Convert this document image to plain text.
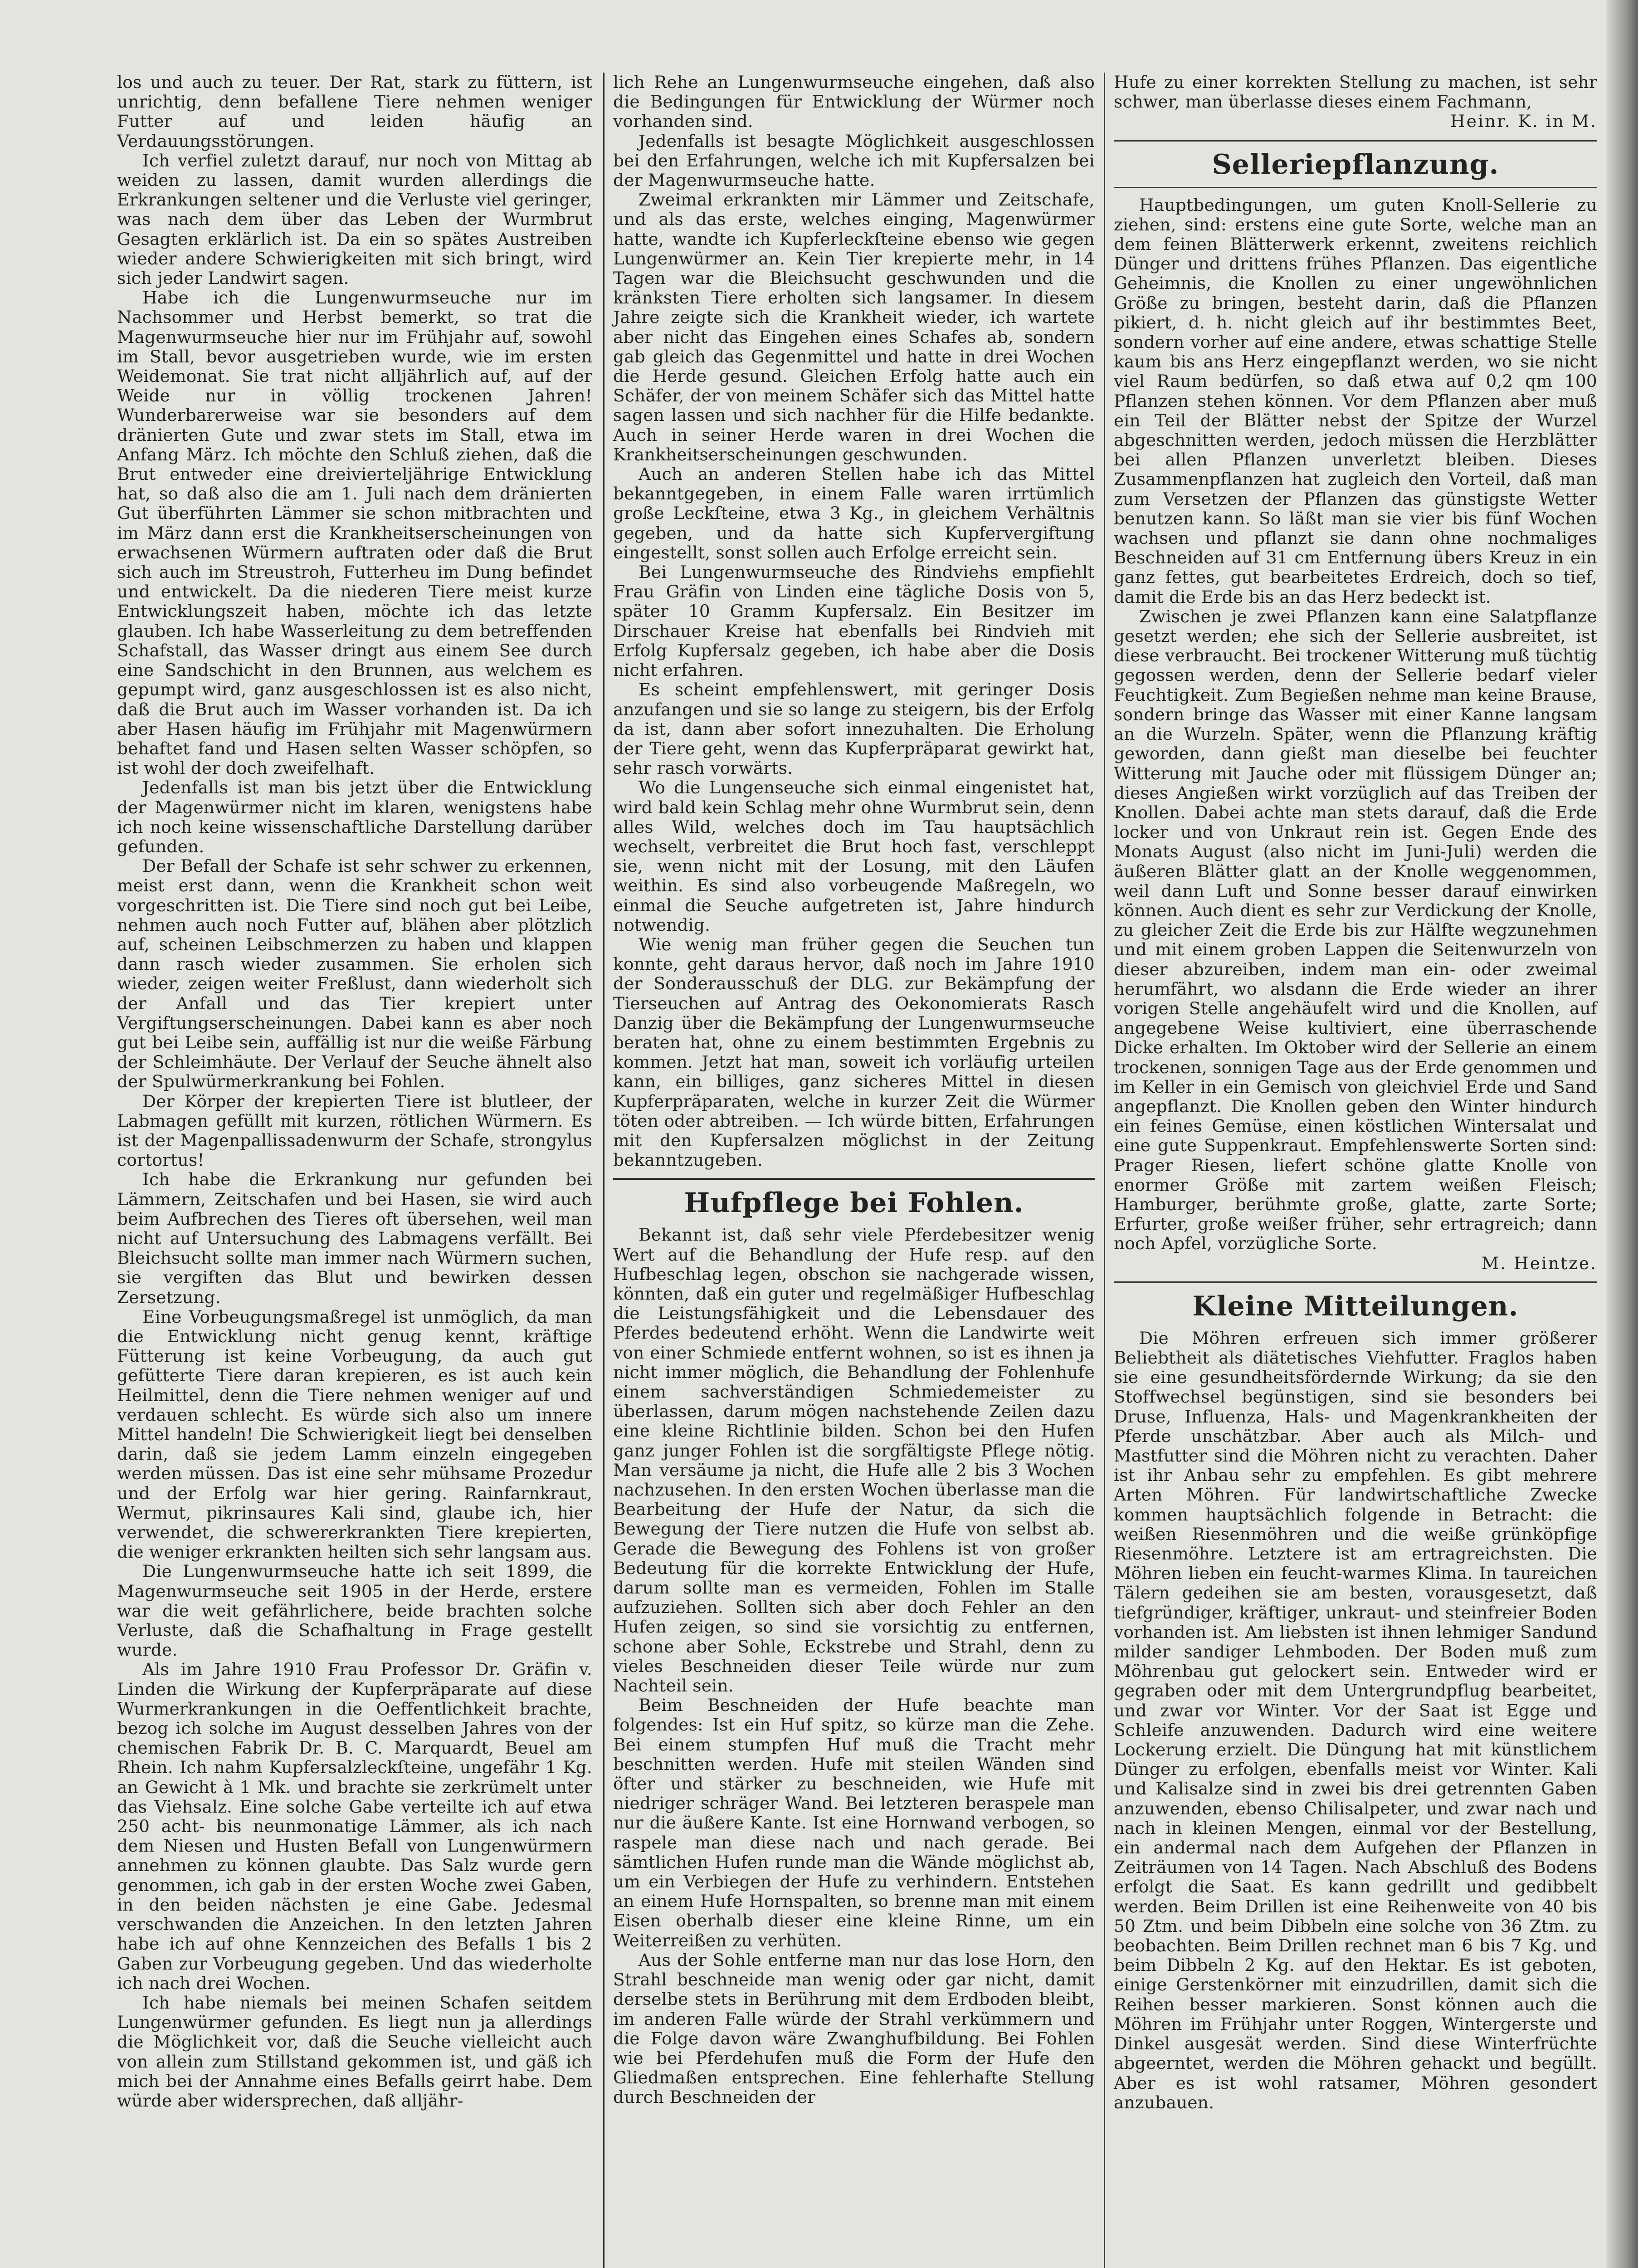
los und auch zu teuer. Der Rat, stark zu füttern, ist unrichtig, denn befallene Tiere nehmen weniger Futter auf und leiden häufig an Verdauungsstörungen.

Ich verfiel zuletzt darauf, nur noch von Mittag ab weiden zu lassen, damit wurden allerdings die Erkrankungen seltener und die Verluste viel geringer, was nach dem über das Leben der Wurmbrut Gesagten erklärlich ist. Da ein so spätes Austreiben wieder andere Schwierigkeiten mit sich bringt, wird sich jeder Landwirt sagen.

Habe ich die Lungenwurmseuche nur im Nachsommer und Herbst bemerkt, so trat die Magenwurmseuche hier nur im Frühjahr auf, sowohl im Stall, bevor ausgetrieben wurde, wie im ersten Weidemonat. Sie trat nicht alljährlich auf, auf der Weide nur in völlig trockenen Jahren! Wunderbarerweise war sie besonders auf dem dränierten Gute und zwar stets im Stall, etwa im Anfang März. Ich möchte den Schluß ziehen, daß die Brut entweder eine dreivierteljährige Entwicklung hat, so daß also die am 1. Juli nach dem dränierten Gut überführten Lämmer sie schon mitbrachten und im März dann erst die Krankheitserscheinungen von erwachsenen Würmern auftraten oder daß die Brut sich auch im Streustroh, Futterheu im Dung befindet und entwickelt. Da die niederen Tiere meist kurze Entwicklungszeit haben, möchte ich das letzte glauben. Ich habe Wasserleitung zu dem betreffenden Schafstall, das Wasser dringt aus einem See durch eine Sandschicht in den Brunnen, aus welchem es gepumpt wird, ganz ausgeschlossen ist es also nicht, daß die Brut auch im Wasser vorhanden ist. Da ich aber Hasen häufig im Frühjahr mit Magenwürmern behaftet fand und Hasen selten Wasser schöpfen, so ist wohl der doch zweifelhaft.

Jedenfalls ist man bis jetzt über die Entwicklung der Magenwürmer nicht im klaren, wenigstens habe ich noch keine wissenschaftliche Darstellung darüber gefunden.

Der Befall der Schafe ist sehr schwer zu erkennen, meist erst dann, wenn die Krankheit schon weit vorgeschritten ist. Die Tiere sind noch gut bei Leibe, nehmen auch noch Futter auf, blähen aber plötzlich auf, scheinen Leibschmerzen zu haben und klappen dann rasch wieder zusammen. Sie erholen sich wieder, zeigen weiter Freßlust, dann wiederholt sich der Anfall und das Tier krepiert unter Vergiftungserscheinungen. Dabei kann es aber noch gut bei Leibe sein, auffällig ist nur die weiße Färbung der Schleimhäute. Der Verlauf der Seuche ähnelt also der Spulwürmerkrankung bei Fohlen.

Der Körper der krepierten Tiere ist blutleer, der Labmagen gefüllt mit kurzen, rötlichen Würmern. Es ist der Magenpallissadenwurm der Schafe, strongylus cortortus!

Ich habe die Erkrankung nur gefunden bei Lämmern, Zeitschafen und bei Hasen, sie wird auch beim Aufbrechen des Tieres oft übersehen, weil man nicht auf Untersuchung des Labmagens verfällt. Bei Bleichsucht sollte man immer nach Würmern suchen, sie vergiften das Blut und bewirken dessen Zersetzung.

Eine Vorbeugungsmaßregel ist unmöglich, da man die Entwicklung nicht genug kennt, kräftige Fütterung ist keine Vorbeugung, da auch gut gefütterte Tiere daran krepieren, es ist auch kein Heilmittel, denn die Tiere nehmen weniger auf und verdauen schlecht. Es würde sich also um innere Mittel handeln! Die Schwierigkeit liegt bei denselben darin, daß sie jedem Lamm einzeln eingegeben werden müssen. Das ist eine sehr mühsame Prozedur und der Erfolg war hier gering. Rainfarnkraut, Wermut, pikrinsaures Kali sind, glaube ich, hier verwendet, die schwererkrankten Tiere krepierten, die weniger erkrankten heilten sich sehr langsam aus.

Die Lungenwurmseuche hatte ich seit 1899, die Magenwurmseuche seit 1905 in der Herde, erstere war die weit gefährlichere, beide brachten solche Verluste, daß die Schafhaltung in Frage gestellt wurde.

Als im Jahre 1910 Frau Professor Dr. Gräfin v. Linden die Wirkung der Kupferpräparate auf diese Wurmerkrankungen in die Oeffentlichkeit brachte, bezog ich solche im August desselben Jahres von der chemischen Fabrik Dr. B. C. Marquardt, Beuel am Rhein. Ich nahm Kupfersalzleckſteine, ungefähr 1 Kg. an Gewicht à 1 Mk. und brachte sie zerkrümelt unter das Viehsalz. Eine solche Gabe verteilte ich auf etwa 250 acht- bis neunmonatige Lämmer, als ich nach dem Niesen und Husten Befall von Lungenwürmern annehmen zu können glaubte. Das Salz wurde gern genommen, ich gab in der ersten Woche zwei Gaben, in den beiden nächsten je eine Gabe. Jedesmal verschwanden die Anzeichen. In den letzten Jahren habe ich auf ohne Kennzeichen des Befalls 1 bis 2 Gaben zur Vorbeugung gegeben. Und das wiederholte ich nach drei Wochen.

Ich habe niemals bei meinen Schafen seitdem Lungenwürmer gefunden. Es liegt nun ja allerdings die Möglichkeit vor, daß die Seuche vielleicht auch von allein zum Stillstand gekommen ist, und gäß ich mich bei der Annahme eines Befalls geirrt habe. Dem würde aber widersprechen, daß alljähr-

lich Rehe an Lungenwurmseuche eingehen, daß also die Bedingungen für Entwicklung der Würmer noch vorhanden sind.

Jedenfalls ist besagte Möglichkeit ausgeschlossen bei den Erfahrungen, welche ich mit Kupfersalzen bei der Magenwurmseuche hatte.

Zweimal erkrankten mir Lämmer und Zeitschafe, und als das erste, welches einging, Magenwürmer hatte, wandte ich Kupferleckſteine ebenso wie gegen Lungenwürmer an. Kein Tier krepierte mehr, in 14 Tagen war die Bleichsucht geschwunden und die kränksten Tiere erholten sich langsamer. In diesem Jahre zeigte sich die Krankheit wieder, ich wartete aber nicht das Eingehen eines Schafes ab, sondern gab gleich das Gegenmittel und hatte in drei Wochen die Herde gesund. Gleichen Erfolg hatte auch ein Schäfer, der von meinem Schäfer sich das Mittel hatte sagen lassen und sich nachher für die Hilfe bedankte. Auch in seiner Herde waren in drei Wochen die Krankheitserscheinungen geschwunden.

Auch an anderen Stellen habe ich das Mittel bekanntgegeben, in einem Falle waren irrtümlich große Leckſteine, etwa 3 Kg., in gleichem Verhältnis gegeben, und da hatte sich Kupfervergiftung eingestellt, sonst sollen auch Erfolge erreicht sein.

Bei Lungenwurmseuche des Rindviehs empfiehlt Frau Gräfin von Linden eine tägliche Dosis von 5, später 10 Gramm Kupfersalz. Ein Besitzer im Dirschauer Kreise hat ebenfalls bei Rindvieh mit Erfolg Kupfersalz gegeben, ich habe aber die Dosis nicht erfahren.

Es scheint empfehlenswert, mit geringer Dosis anzufangen und sie so lange zu steigern, bis der Erfolg da ist, dann aber sofort innezuhalten. Die Erholung der Tiere geht, wenn das Kupferpräparat gewirkt hat, sehr rasch vorwärts.

Wo die Lungenseuche sich einmal eingenistet hat, wird bald kein Schlag mehr ohne Wurmbrut sein, denn alles Wild, welches doch im Tau hauptsächlich wechselt, verbreitet die Brut hoch fast, verschleppt sie, wenn nicht mit der Losung, mit den Läufen weithin. Es sind also vorbeugende Maßregeln, wo einmal die Seuche aufgetreten ist, Jahre hindurch notwendig.

Wie wenig man früher gegen die Seuchen tun konnte, geht daraus hervor, daß noch im Jahre 1910 der Sonderausschuß der DLG. zur Bekämpfung der Tierseuchen auf Antrag des Oekonomierats Rasch Danzig über die Bekämpfung der Lungenwurmseuche beraten hat, ohne zu einem bestimmten Ergebnis zu kommen. Jetzt hat man, soweit ich vorläufig urteilen kann, ein billiges, ganz sicheres Mittel in diesen Kupferpräparaten, welche in kurzer Zeit die Würmer töten oder abtreiben. — Ich würde bitten, Erfahrungen mit den Kupfersalzen möglichst in der Zeitung bekanntzugeben.

Hufpflege bei Fohlen.

Bekannt ist, daß sehr viele Pferdebesitzer wenig Wert auf die Behandlung der Hufe resp. auf den Hufbeschlag legen, obschon sie nachgerade wissen, könnten, daß ein guter und regelmäßiger Hufbeschlag die Leistungsfähigkeit und die Lebensdauer des Pferdes bedeutend erhöht. Wenn die Landwirte weit von einer Schmiede entfernt wohnen, so ist es ihnen ja nicht immer möglich, die Behandlung der Fohlenhufe einem sachverständigen Schmiedemeister zu überlassen, darum mögen nachstehende Zeilen dazu eine kleine Richtlinie bilden. Schon bei den Hufen ganz junger Fohlen ist die sorgfältigste Pflege nötig. Man versäume ja nicht, die Hufe alle 2 bis 3 Wochen nachzusehen. In den ersten Wochen überlasse man die Bearbeitung der Hufe der Natur, da sich die Bewegung der Tiere nutzen die Hufe von selbst ab. Gerade die Bewegung des Fohlens ist von großer Bedeutung für die korrekte Entwicklung der Hufe, darum sollte man es vermeiden, Fohlen im Stalle aufzuziehen. Sollten sich aber doch Fehler an den Hufen zeigen, so sind sie vorsichtig zu entfernen, schone aber Sohle, Eckstrebe und Strahl, denn zu vieles Beschneiden dieser Teile würde nur zum Nachteil sein.

Beim Beschneiden der Hufe beachte man folgendes: Ist ein Huf spitz, so kürze man die Zehe. Bei einem stumpfen Huf muß die Tracht mehr beschnitten werden. Hufe mit steilen Wänden sind öfter und stärker zu beschneiden, wie Hufe mit niedriger schräger Wand. Bei letzteren beraspele man nur die äußere Kante. Ist eine Hornwand verbogen, so raspele man diese nach und nach gerade. Bei sämtlichen Hufen runde man die Wände möglichst ab, um ein Verbiegen der Hufe zu verhindern. Entstehen an einem Hufe Hornspalten, so brenne man mit einem Eisen oberhalb dieser eine kleine Rinne, um ein Weiterreißen zu verhüten.

Aus der Sohle entferne man nur das lose Horn, den Strahl beschneide man wenig oder gar nicht, damit derselbe stets in Berührung mit dem Erdboden bleibt, im anderen Falle würde der Strahl verkümmern und die Folge davon wäre Zwanghufbildung. Bei Fohlen wie bei Pferdehufen muß die Form der Hufe den Gliedmaßen entsprechen. Eine fehlerhafte Stellung durch Beschneiden der

Hufe zu einer korrekten Stellung zu machen, ist sehr schwer, man überlasse dieses einem Fachmann,

Heinr. K. in M.

Selleriepflanzung.

Hauptbedingungen, um guten Knoll-Sellerie zu ziehen, sind: erstens eine gute Sorte, welche man an dem feinen Blätterwerk erkennt, zweitens reichlich Dünger und drittens frühes Pflanzen. Das eigentliche Geheimnis, die Knollen zu einer ungewöhnlichen Größe zu bringen, besteht darin, daß die Pflanzen pikiert, d. h. nicht gleich auf ihr bestimmtes Beet, sondern vorher auf eine andere, etwas schattige Stelle kaum bis ans Herz eingepflanzt werden, wo sie nicht viel Raum bedürfen, so daß etwa auf 0,2 qm 100 Pflanzen stehen können. Vor dem Pflanzen aber muß ein Teil der Blätter nebst der Spitze der Wurzel abgeschnitten werden, jedoch müssen die Herzblätter bei allen Pflanzen unverletzt bleiben. Dieses Zusammenpflanzen hat zugleich den Vorteil, daß man zum Versetzen der Pflanzen das günstigste Wetter benutzen kann. So läßt man sie vier bis fünf Wochen wachsen und pflanzt sie dann ohne nochmaliges Beschneiden auf 31 cm Entfernung übers Kreuz in ein ganz fettes, gut bearbeitetes Erdreich, doch so tief, damit die Erde bis an das Herz bedeckt ist.

Zwischen je zwei Pflanzen kann eine Salatpflanze gesetzt werden; ehe sich der Sellerie ausbreitet, ist diese verbraucht. Bei trockener Witterung muß tüchtig gegossen werden, denn der Sellerie bedarf vieler Feuchtigkeit. Zum Begießen nehme man keine Brause, sondern bringe das Wasser mit einer Kanne langsam an die Wurzeln. Später, wenn die Pflanzung kräftig geworden, dann gießt man dieselbe bei feuchter Witterung mit Jauche oder mit flüssigem Dünger an; dieses Angießen wirkt vorzüglich auf das Treiben der Knollen. Dabei achte man stets darauf, daß die Erde locker und von Unkraut rein ist. Gegen Ende des Monats August (also nicht im Juni-Juli) werden die äußeren Blätter glatt an der Knolle weggenommen, weil dann Luft und Sonne besser darauf einwirken können. Auch dient es sehr zur Verdickung der Knolle, zu gleicher Zeit die Erde bis zur Hälfte wegzunehmen und mit einem groben Lappen die Seitenwurzeln von dieser abzureiben, indem man ein- oder zweimal herumfährt, wo alsdann die Erde wieder an ihrer vorigen Stelle angehäufelt wird und die Knollen, auf angegebene Weise kultiviert, eine überraschende Dicke erhalten. Im Oktober wird der Sellerie an einem trockenen, sonnigen Tage aus der Erde genommen und im Keller in ein Gemisch von gleichviel Erde und Sand angepflanzt. Die Knollen geben den Winter hindurch ein feines Gemüse, einen köstlichen Wintersalat und eine gute Suppenkraut. Empfehlenswerte Sorten sind: Prager Riesen, liefert schöne glatte Knolle von enormer Größe mit zartem weißen Fleisch; Hamburger, berühmte große, glatte, zarte Sorte; Erfurter, große weißer früher, sehr ertragreich; dann noch Apfel, vorzügliche Sorte.

M. Heintze.

Kleine Mitteilungen.

Die Möhren erfreuen sich immer größerer Beliebtheit als diätetisches Viehfutter. Fraglos haben sie eine gesundheitsfördernde Wirkung; da sie den Stoffwechsel begünstigen, sind sie besonders bei Druse, Influenza, Hals- und Magenkrankheiten der Pferde unschätzbar. Aber auch als Milch- und Mastfutter sind die Möhren nicht zu verachten. Daher ist ihr Anbau sehr zu empfehlen. Es gibt mehrere Arten Möhren. Für landwirtschaftliche Zwecke kommen hauptsächlich folgende in Betracht: die weißen Riesenmöhren und die weiße grünköpfige Riesenmöhre. Letztere ist am ertragreichsten. Die Möhren lieben ein feucht-warmes Klima. In taureichen Tälern gedeihen sie am besten, vorausgesetzt, daß tiefgründiger, kräftiger, unkraut- und steinfreier Boden vorhanden ist. Am liebsten ist ihnen lehmiger Sandund milder sandiger Lehmboden. Der Boden muß zum Möhrenbau gut gelockert sein. Entweder wird er gegraben oder mit dem Untergrundpflug bearbeitet, und zwar vor Winter. Vor der Saat ist Egge und Schleife anzuwenden. Dadurch wird eine weitere Lockerung erzielt. Die Düngung hat mit künstlichem Dünger zu erfolgen, ebenfalls meist vor Winter. Kali und Kalisalze sind in zwei bis drei getrennten Gaben anzuwenden, ebenso Chilisalpeter, und zwar nach und nach in kleinen Mengen, einmal vor der Bestellung, ein andermal nach dem Aufgehen der Pflanzen in Zeiträumen von 14 Tagen. Nach Abschluß des Bodens erfolgt die Saat. Es kann gedrillt und gedibbelt werden. Beim Drillen ist eine Reihenweite von 40 bis 50 Ztm. und beim Dibbeln eine solche von 36 Ztm. zu beobachten. Beim Drillen rechnet man 6 bis 7 Kg. und beim Dibbeln 2 Kg. auf den Hektar. Es ist geboten, einige Gerstenkörner mit einzudrillen, damit sich die Reihen besser markieren. Sonst können auch die Möhren im Frühjahr unter Roggen, Wintergerste und Dinkel ausgesät werden. Sind diese Winterfrüchte abgeerntet, werden die Möhren gehackt und begüllt. Aber es ist wohl ratsamer, Möhren gesondert anzubauen.
